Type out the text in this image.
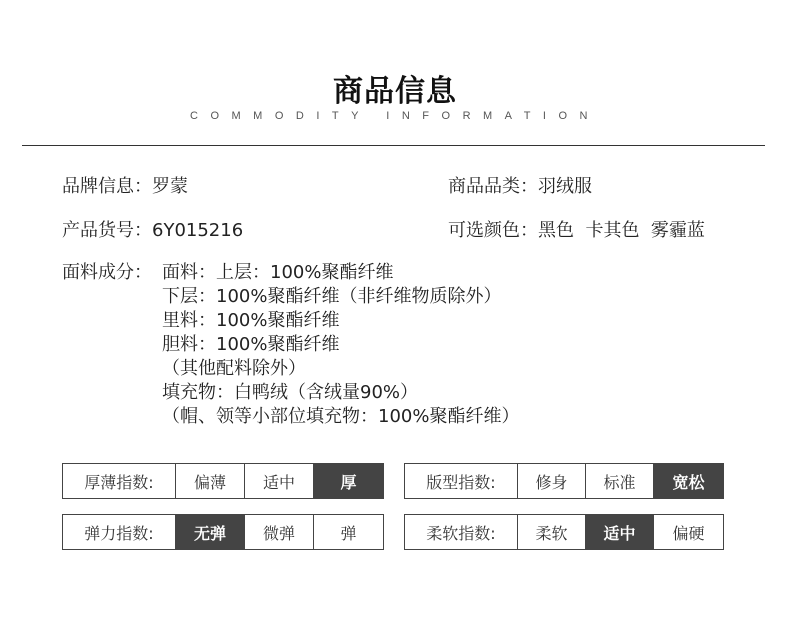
商品信息
COMMODITY INFORMATION
品牌信息：罗蒙	商品品类：羽绒服
产品货号：6Y015216	可选颜色：黑色  卡其色  雾霾蓝
面料成分： 面料：上层：100%聚酯纤维
下层：100%聚酯纤维（非纤维物质除外）
里料：100%聚酯纤维
胆料：100%聚酯纤维
（其他配料除外）
填充物：白鸭绒（含绒量90%）
（帽、领等小部位填充物：100%聚酯纤维）
厚薄指数:	偏薄	适中	厚	版型指数:	修身	标准	宽松
弹力指数:	无弹	微弹	弹	柔软指数:	柔软	适中	偏硬
